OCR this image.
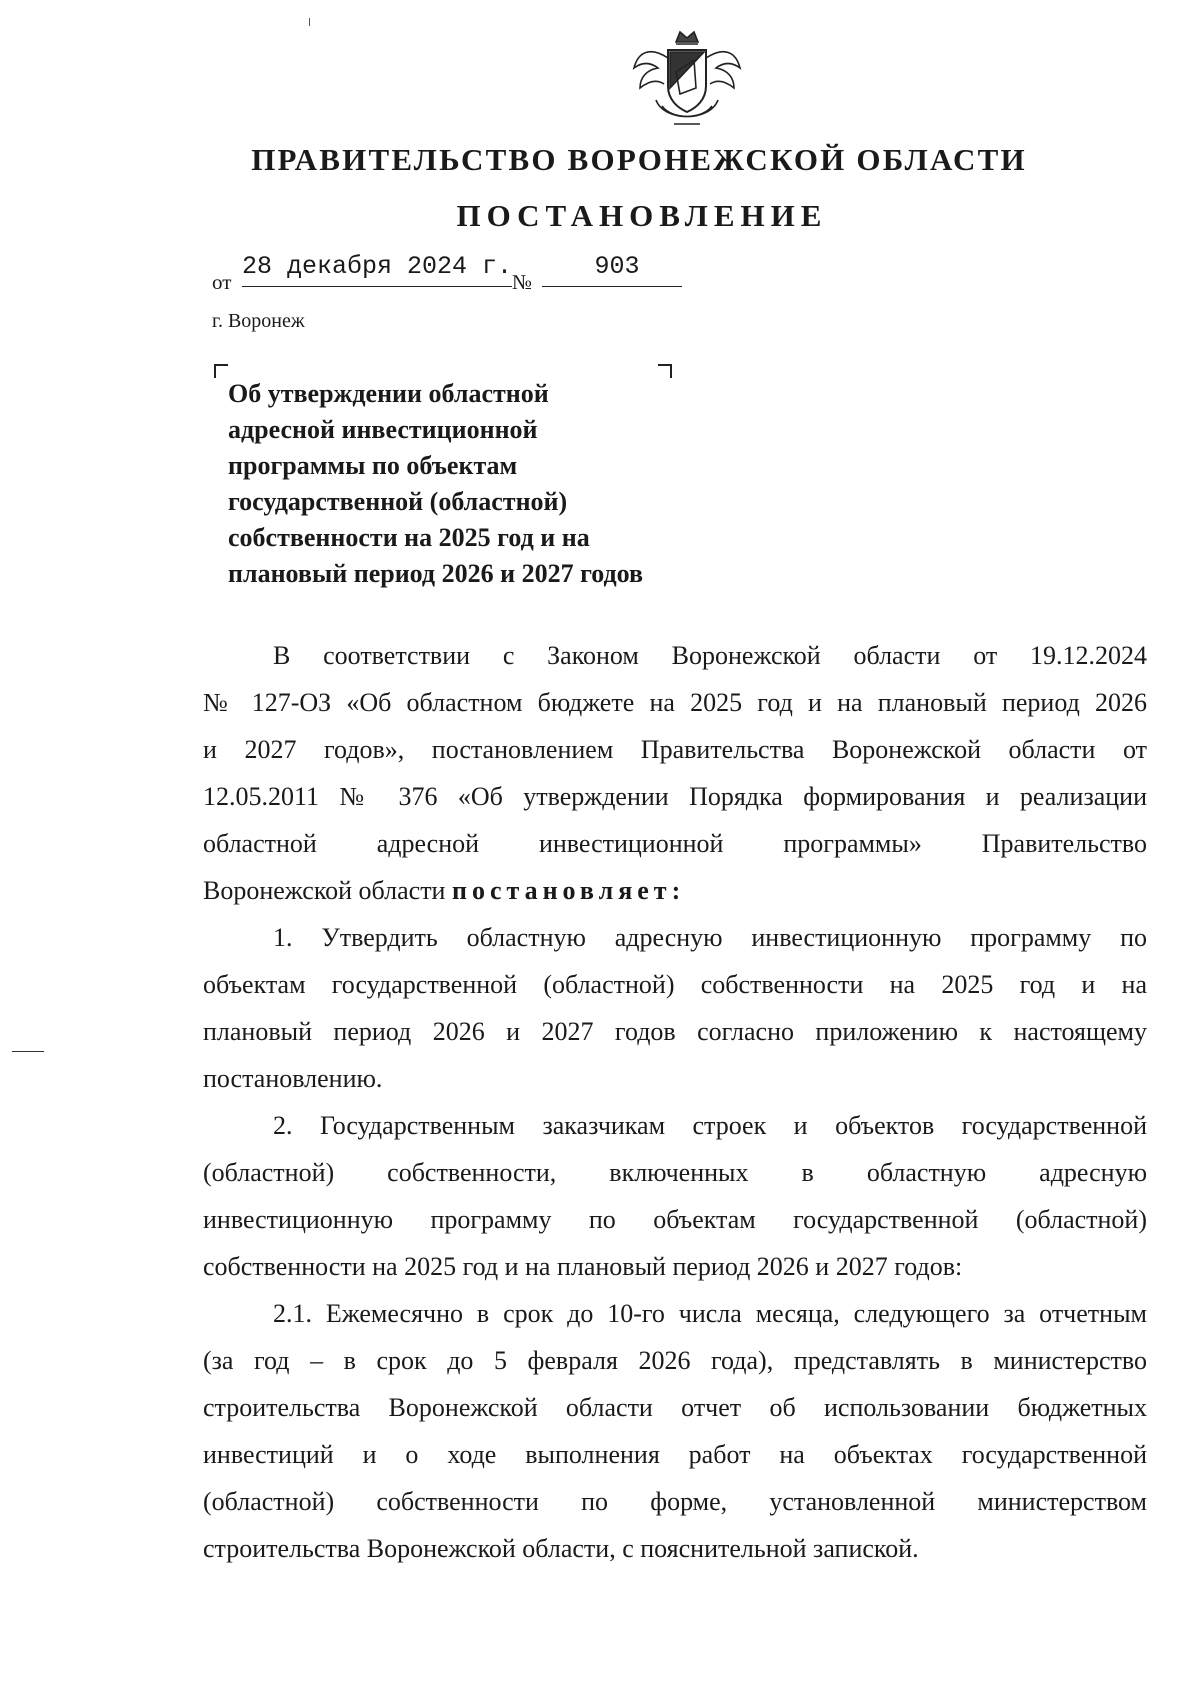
ПРАВИТЕЛЬСТВО ВОРОНЕЖСКОЙ ОБЛАСТИ
ПОСТАНОВЛЕНИЕ
от
28 декабря 2024 г.
№
903
г. Воронеж
Об утверждении областной
адресной инвестиционной
программы по объектам
государственной (областной)
собственности на 2025 год и на
плановый период 2026 и 2027 годов
В соответствии с Законом Воронежской области от 19.12.2024
№ 127-ОЗ «Об областном бюджете на 2025 год и на плановый период 2026
и 2027 годов», постановлением Правительства Воронежской области от
12.05.2011 № 376 «Об утверждении Порядка формирования и реализации
областной адресной инвестиционной программы» Правительство
Воронежской области постановляет:
1. Утвердить областную адресную инвестиционную программу по
объектам государственной (областной) собственности на 2025 год и на
плановый период 2026 и 2027 годов согласно приложению к настоящему
постановлению.
2. Государственным заказчикам строек и объектов государственной
(областной) собственности, включенных в областную адресную
инвестиционную программу по объектам государственной (областной)
собственности на 2025 год и на плановый период 2026 и 2027 годов:
2.1. Ежемесячно в срок до 10-го числа месяца, следующего за отчетным
(за год – в срок до 5 февраля 2026 года), представлять в министерство
строительства Воронежской области отчет об использовании бюджетных
инвестиций и о ходе выполнения работ на объектах государственной
(областной) собственности по форме, установленной министерством
строительства Воронежской области, с пояснительной запиской.
